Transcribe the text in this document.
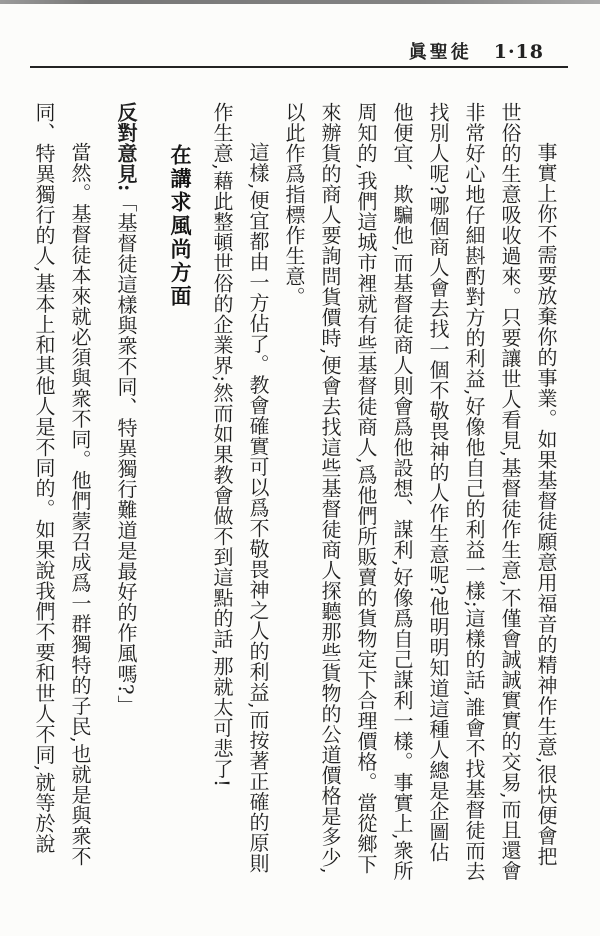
眞聖徒 1·18

事實上你不需要放棄你的事業。如果基督徒願意用福音的精神作生意,很快便會把世俗的生意吸收過來。只要讓世人看見,基督徒作生意,不僅會誠誠實實的交易,而且還會非常好心地仔細斟酌對方的利益,好像他自己的利益一樣;這樣的話,誰會不找基督徒而去找別人呢?哪個商人會去找一個不敬畏神的人作生意呢?他明明知道這種人總是企圖佔他便宜、欺騙他,而基督徒商人則會爲他設想、謀利,好像爲自己謀利一樣。事實上,衆所周知的,我們這城市裡就有些基督徒商人,爲他們所販賣的貨物定下合理價格。當從鄉下來辦貨的商人要詢問貨價時,便會去找這些基督徒商人探聽那些貨物的公道價格是多少,以此作爲指標作生意。

這樣,便宜都由一方佔了。教會確實可以爲不敬畏神之人的利益,而按著正確的原則作生意,藉此整頓世俗的企業界;然而如果教會做不到這點的話,那就太可悲了!

在講求風尚方面

反對意見:「基督徒這樣與衆不同、特異獨行難道是最好的作風嗎?」

當然。基督徒本來就必須與衆不同。他們蒙召成爲一群獨特的子民,也就是與衆不同、特異獨行的人,基本上和其他人是不同的。如果說我們不要和世人不同,就等於說
